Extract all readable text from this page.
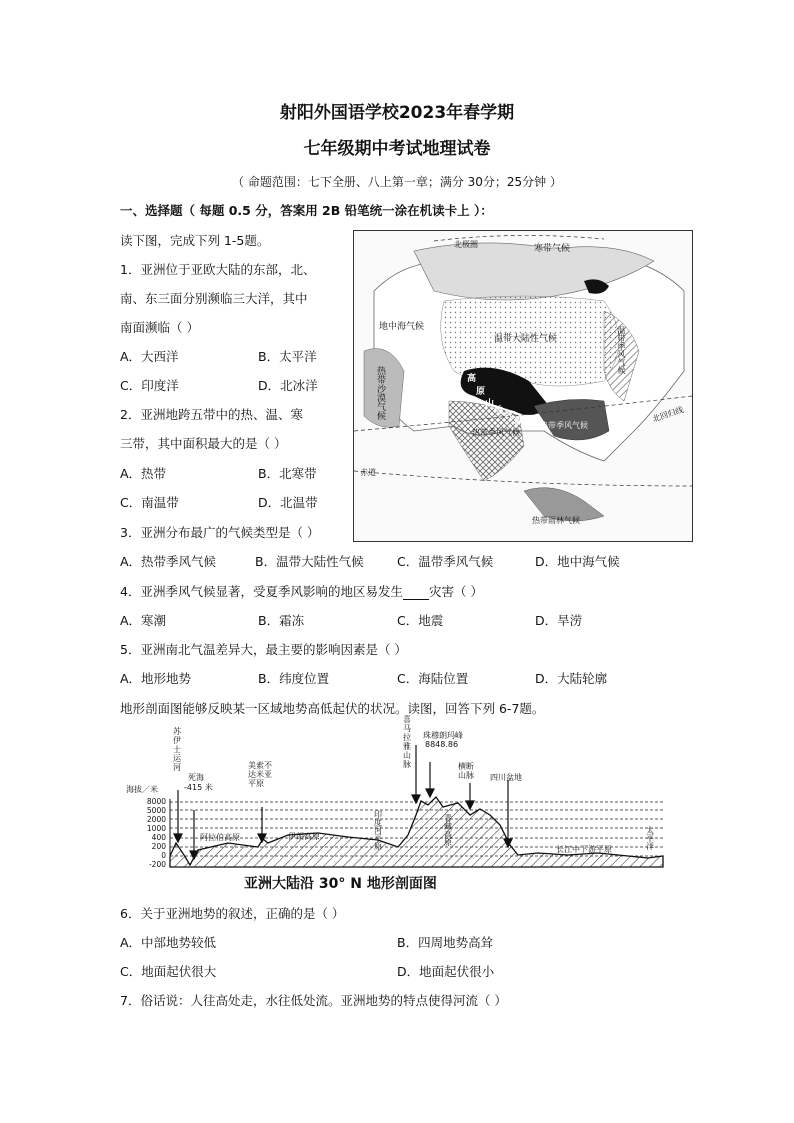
射阳外国语学校2023年春学期
七年级期中考试地理试卷
（ 命题范围：七下全册、八上第一章；满分 30分；25分钟 ）
一、选择题（ 每题 0.5 分，答案用 2B 铅笔统一涂在机读卡上 ）：
读下图，完成下列 1-5题。
1．亚洲位于亚欧大陆的东部，北、
南、东三面分别濒临三大洋，其中
南面濒临（ ）
A．大西洋	B．太平洋
C．印度洋	D．北冰洋
2．亚洲地跨五带中的热、温、寒
三带，其中面积最大的是（ ）
A．热带	B．北寒带
C．南温带	D．北温带
3．亚洲分布最广的气候类型是（ ）
A．热带季风气候	B．温带大陆性气候	C．温带季风气候	D．地中海气候
4．亚洲季风气候显著，受夏季风影响的地区易发生 灾害（ ）
A．寒潮	B．霜冻	C．地震	D．旱涝
5．亚洲南北气温差异大，最主要的影响因素是（ ）
A．地形地势	B．纬度位置	C．海陆位置	D．大陆轮廓
地形剖面图能够反映某一区域地势高低起伏的状况。读图，回答下列 6-7题。
北极圈	寒带气候
地中海气候
温带大陆性气候	温带季风气候
热带沙漠气候	高
原
山
地
气 候 亚热带季风气候
热带季风气候
北回归线
赤道
热带雨林气候
海拔／米
8000
5000
2000
1000
400
200
0
-200
苏伊士运河
死海
-415 米
美索不达米亚平原
喜马拉雅山脉
珠穆朗玛峰
8848.86
横断山脉	四川盆地
青藏高原
印度河平原
阿拉伯高原	伊朗高原
长江中下游平原
太平洋
亚洲大陆沿 30° N 地形剖面图
6．关于亚洲地势的叙述，正确的是（ ）
A．中部地势较低	B．四周地势高耸
C．地面起伏很大	D．地面起伏很小
7．俗话说：人往高处走，水往低处流。亚洲地势的特点使得河流（ ）
